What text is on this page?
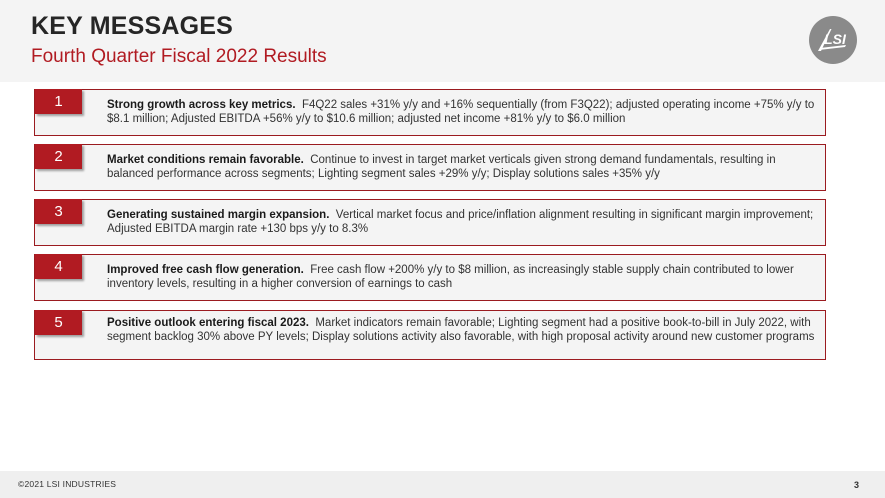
KEY MESSAGES
Fourth Quarter Fiscal 2022 Results
LSI
1	Strong growth across key metrics. F4Q22 sales +31% y/y and +16% sequentially (from F3Q22); adjusted operating income +75% y/y to $8.1 million; Adjusted EBITDA +56% y/y to $10.6 million; adjusted net income +81% y/y to $6.0 million
2	Market conditions remain favorable. Continue to invest in target market verticals given strong demand fundamentals, resulting in balanced performance across segments; Lighting segment sales +29% y/y; Display solutions sales +35% y/y
3	Generating sustained margin expansion. Vertical market focus and price/inflation alignment resulting in significant margin improvement; Adjusted EBITDA margin rate +130 bps y/y to 8.3%
4	Improved free cash flow generation. Free cash flow +200% y/y to $8 million, as increasingly stable supply chain contributed to lower inventory levels, resulting in a higher conversion of earnings to cash
5	Positive outlook entering fiscal 2023. Market indicators remain favorable; Lighting segment had a positive book-to-bill in July 2022, with segment backlog 30% above PY levels; Display solutions activity also favorable, with high proposal activity around new customer programs
©2021 LSI INDUSTRIES	3
